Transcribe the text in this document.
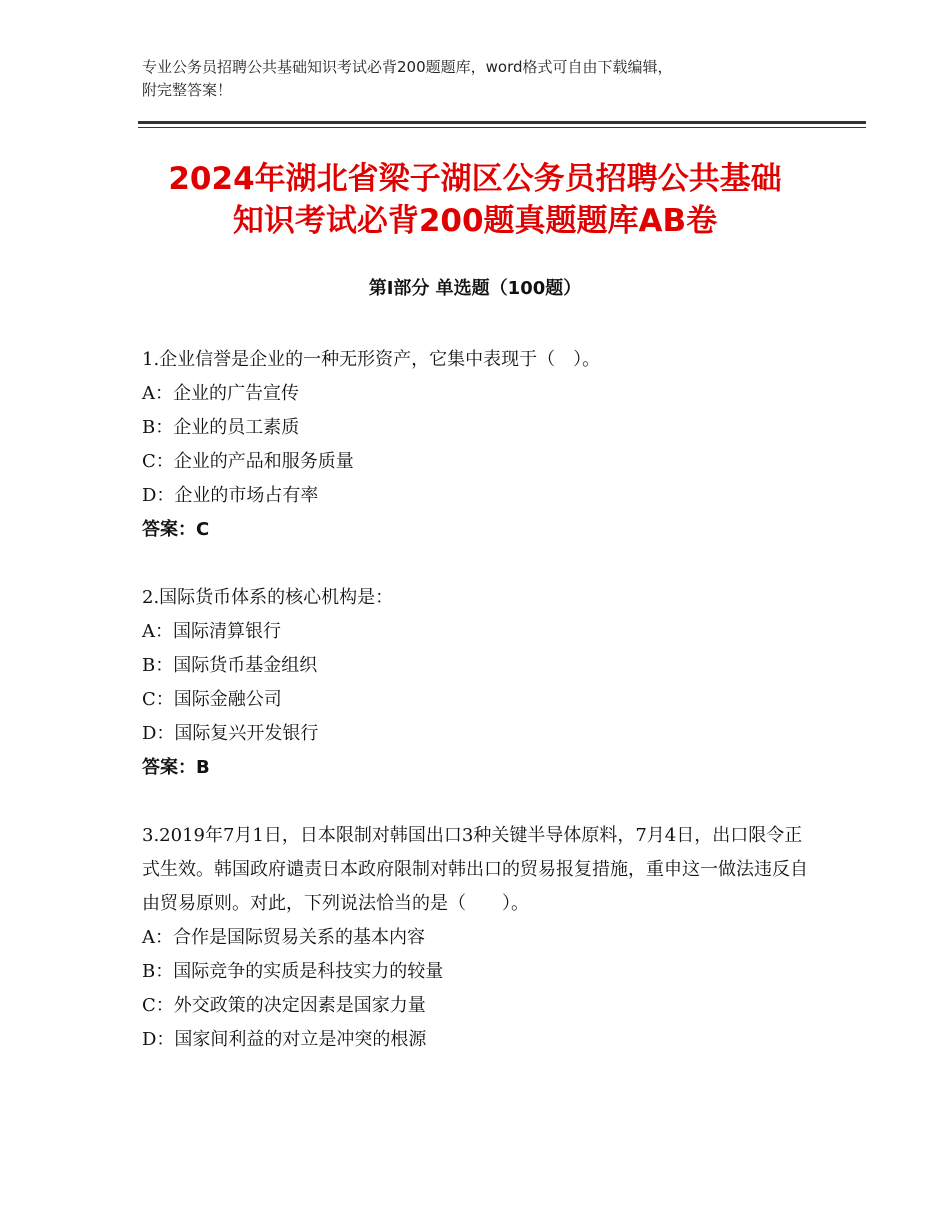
专业公务员招聘公共基础知识考试必背200题题库，word格式可自由下载编辑，
附完整答案！
2024年湖北省梁子湖区公务员招聘公共基础
知识考试必背200题真题题库AB卷
第Ⅰ部分 单选题（100题）

1.企业信誉是企业的一种无形资产，它集中表现于（　）。

A：企业的广告宣传

B：企业的员工素质

C：企业的产品和服务质量

D：企业的市场占有率

答案：C

2.国际货币体系的核心机构是：

A：国际清算银行

B：国际货币基金组织

C：国际金融公司

D：国际复兴开发银行

答案：B

3.2019年7月1日，日本限制对韩国出口3种关键半导体原料，7月4日，出口限令正式生效。韩国政府谴责日本政府限制对韩出口的贸易报复措施，重申这一做法违反自由贸易原则。对此，下列说法恰当的是（　　）。

A：合作是国际贸易关系的基本内容

B：国际竞争的实质是科技实力的较量

C：外交政策的决定因素是国家力量

D：国家间利益的对立是冲突的根源
